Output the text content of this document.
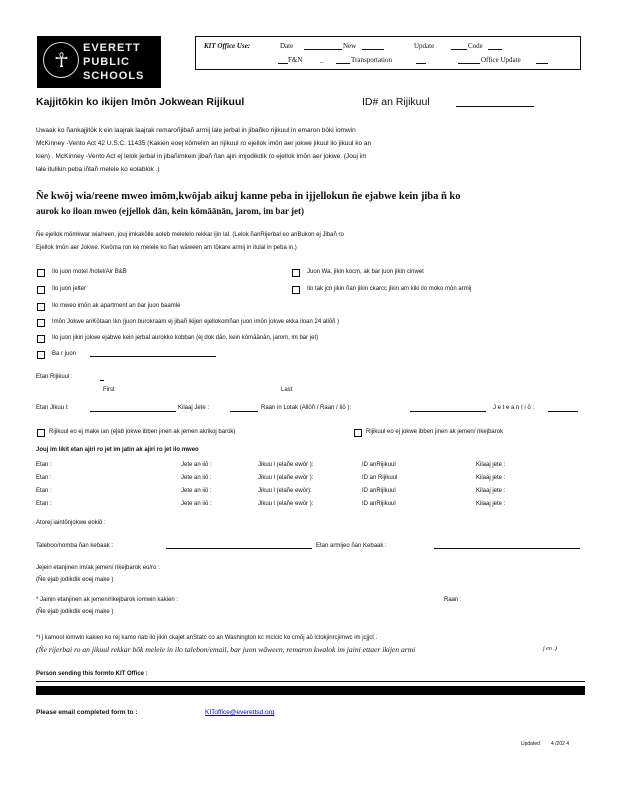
☥
EVERETT
PUBLIC
SCHOOLS
KIT Office Use:	Date	New	Update	Code
F&N	_	Transportation	Office Update
Kajjitōkin ko ikijen Imōn Jokwean Rijikuul	ID# an Rijikuul
Uwaak ko ñankajjitōk k ein laajrak laajrak remaroñjibañ armij lale jerbal in jibañko rijikuul in emaron bōki iomwin
McKinney -Vento Act 42 U.S.C. 11435 (Kakien eoej kōmelim an rijikuul ro ejellok imōn aer jokwe jikuul ilo jikuul ko an
kien) . McKinney -Vento Act ej lelok jerbal in jibañimkein jibañ ñan ajiri imjodikdik ro ejellok imōn aer jokwe. (Jouj im
lale itulikin peba iñtañ melele ko eolablok .)
Ñe kwōj wia/reene mweo imōm,kwōjab aikuj kanne peba in ijjellokun ñe ejabwe kein jiba ñ ko
aurok ko iloan mweo (ejjellok dān, kein kōmāānān, jarom, im bar jet)
Ñe ejellok mōmkwar wia/reen, jouj imkakōlle aoleb melelelo rekkar ijin lal. (Lelok ñanRijerbal eo anBukon ej Jibañ ro
Ejellok Imōn aer Jokwe. Kwōma ron ke melele ko ñan wāween am tōkare armij in itulal in peba in.)
Ilo juon motel /hotel/Air B&B	Juon Wa, jikin kocm, ak bar juon jikin cinwet
Ilo juon jelter	Ilo tak jcn jikin ñan jikin ckarcc jikin am kiki ilo moko mōn armij
Ilo mweo imōn ak apartment an bar juon baamle
Imōn Jokwe anKōtaan Ikn (juon burokraam ej jibañ ikijen ejellokomñan juon imōn jokwe ekka iloan 24 allōñ )
Ilo juon jikin jokwe ejabwe kein jerbal aurokko kobban (ej dok dān, kein kōmāānān, jarom, im bar jet)
Ba r juon
Etan Rijikuul :
First	Last
Etan Jikuu l:	Kilaaj Jete :	Raan in Lotak (Allōñ / Raan / Iiō ):	J e t e a n I i ō :
Rijikuul eo ej make ian (ejab jokwe ibben jinen ak jemen akrikoj barok)	Rijikuul eo ej jokwe ibben jinen ak jemen/ rikejbarok
Jouj im likit etan ajiri ro jet im jatin ak ajiri ro jet ilo mweo
Etan :	Jete an iiō :	Jikuu l (elañe ewōr ):	ID anRijikuul	Kilaaj jete :
Etan :	Jete an iiō :	Jikuu l (elañe ewōr ):	ID an Rijikuul	Kilaaj jete :
Etan :	Jete an iiō :	Jikuu l (elañe ewōr):	ID anRijikuul	Kilaaj jete :
Etan :	Jete an iiō :	Jikuu l (elañe ewōr ):	ID anRijikuul	Kilaaj jete :
Atorej iaintōnjokwe eokiō :
Taleboo/nomba ñan kebaak :	Etan armijeo ñan Kebaak :
Jejein etanjinen im/ak jemen/ rikejbarok eo/ro :
(Ñe ejab jodikdik eoej make )
* Jainin etanjinen ak jemen/rikejbarok iomwin kakien :	Raan :
(Ñe ejab jodikdik eoej make )
*I j kamool iomwin kakien ko rej kamo riab ilo jikin ckajet anStatc co an Washington kc mclclc ko cmōj aō lclokjinrcjimwc im jcjjct .
(Ñe rijerbai ro an jikuul rekkar bōk melele in ilo talebon/email, bar juon wāween, remaron kwalok im jaini ettaer ikijen armi	j eo .)
Person sending this formto KIT Office :
Please email completed form to :	KIToffice@everettsd.org
Updated 4 /202 4
